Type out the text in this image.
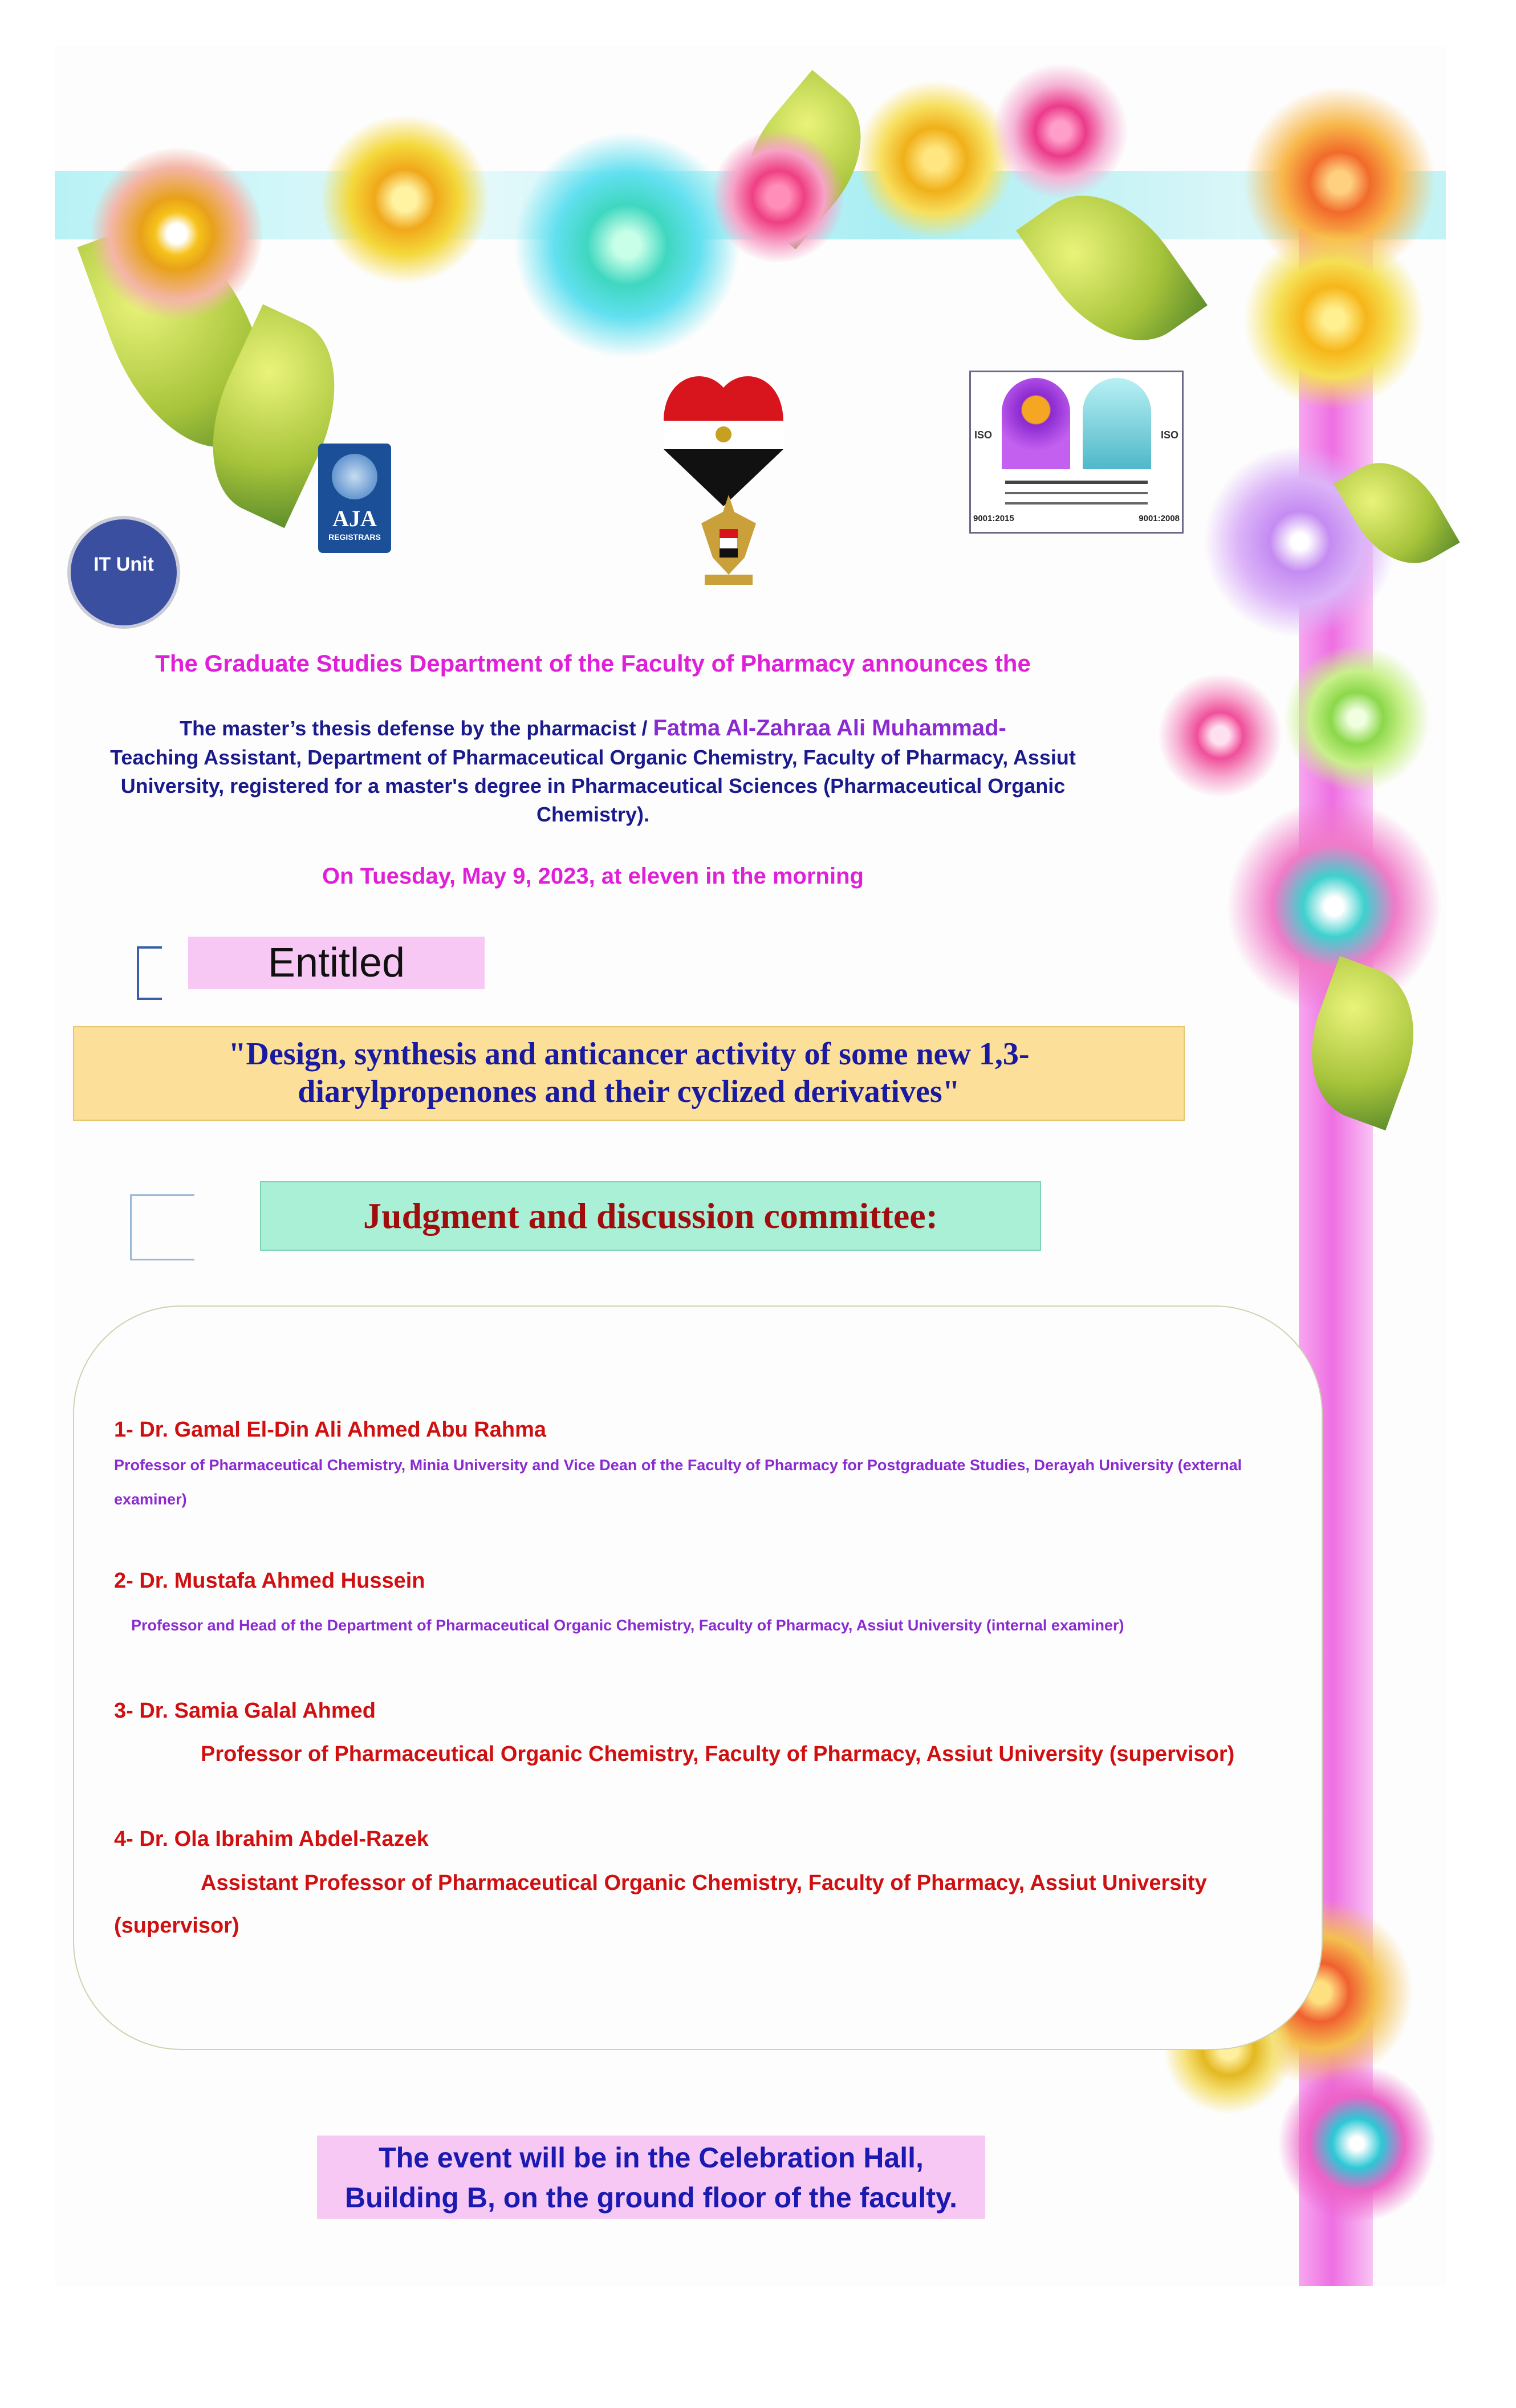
IT Unit
AJA
REGISTRARS
ISO	ISO
9001:2015	9001:2008
The Graduate Studies Department of the Faculty of Pharmacy announces the
The master’s thesis defense by the pharmacist / Fatma Al-Zahraa Ali Muhammad-
Teaching Assistant, Department of Pharmaceutical Organic Chemistry, Faculty of Pharmacy, Assiut
University, registered for a master's degree in Pharmaceutical Sciences (Pharmaceutical Organic
Chemistry).
On Tuesday, May 9, 2023, at eleven in the morning
Entitled
"Design, synthesis and anticancer activity of some new 1,3-
diarylpropenones and their cyclized derivatives"
Judgment and discussion committee:
1- Dr. Gamal El-Din Ali Ahmed Abu Rahma
Professor of Pharmaceutical Chemistry, Minia University and Vice Dean of the Faculty of Pharmacy for Postgraduate Studies, Derayah University (external
examiner)
2- Dr. Mustafa Ahmed Hussein
Professor and Head of the Department of Pharmaceutical Organic Chemistry, Faculty of Pharmacy, Assiut University (internal examiner)
3- Dr. Samia Galal Ahmed
Professor of Pharmaceutical Organic Chemistry, Faculty of Pharmacy, Assiut University (supervisor)
4- Dr. Ola Ibrahim Abdel-Razek
Assistant Professor of Pharmaceutical Organic Chemistry, Faculty of Pharmacy, Assiut University
(supervisor)
The event will be in the Celebration Hall,
Building B, on the ground floor of the faculty.
